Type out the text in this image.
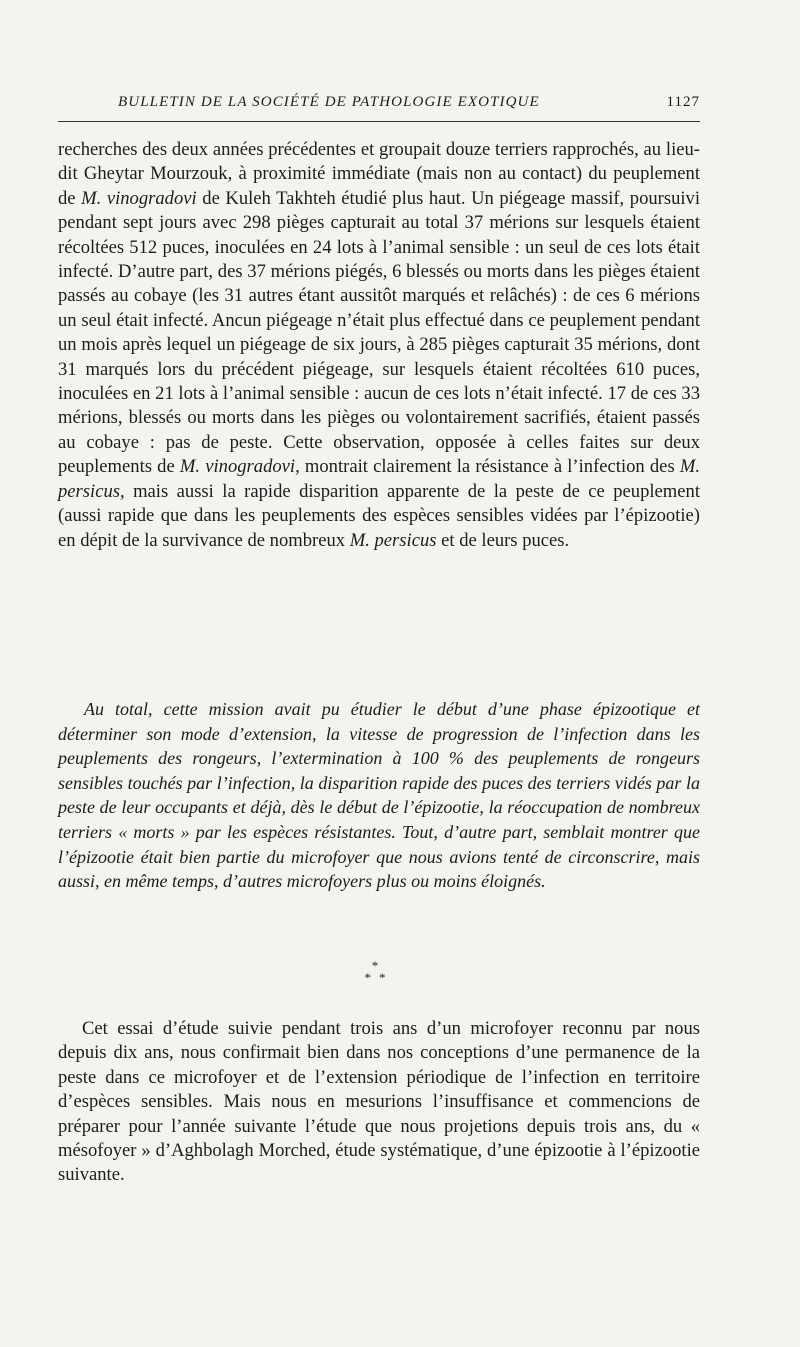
BULLETIN DE LA SOCIÉTÉ DE PATHOLOGIE EXOTIQUE	1127

recherches des deux années précédentes et groupait douze terriers rapprochés, au lieu-dit Gheytar Mourzouk, à proximité immédiate (mais non au contact) du peuplement de M. vinogradovi de Kuleh Takhteh étudié plus haut. Un piégeage massif, poursuivi pendant sept jours avec 298 pièges capturait au total 37 mérions sur lesquels étaient récoltées 512 puces, inoculées en 24 lots à l’animal sensible : un seul de ces lots était infecté. D’autre part, des 37 mérions piégés, 6 blessés ou morts dans les pièges étaient passés au cobaye (les 31 autres étant aussitôt marqués et relâchés) : de ces 6 mérions un seul était infecté. Ancun piégeage n’était plus effectué dans ce peuplement pendant un mois après lequel un piégeage de six jours, à 285 pièges capturait 35 mérions, dont 31 marqués lors du précédent piégeage, sur lesquels étaient récoltées 610 puces, inoculées en 21 lots à l’animal sensible : aucun de ces lots n’était infecté. 17 de ces 33 mérions, blessés ou morts dans les pièges ou volontairement sacrifiés, étaient passés au cobaye : pas de peste. Cette observation, opposée à celles faites sur deux peuplements de M. vinogradovi, montrait clairement la résistance à l’infection des M. persicus, mais aussi la rapide disparition apparente de la peste de ce peuplement (aussi rapide que dans les peuplements des espèces sensibles vidées par l’épizootie) en dépit de la survivance de nombreux M. persicus et de leurs puces.

Au total, cette mission avait pu étudier le début d’une phase épizootique et déterminer son mode d’extension, la vitesse de progression de l’infection dans les peuplements des rongeurs, l’extermination à 100 % des peuplements de rongeurs sensibles touchés par l’infection, la disparition rapide des puces des terriers vidés par la peste de leur occupants et déjà, dès le début de l’épizootie, la réoccupation de nombreux terriers « morts » par les espèces résistantes. Tout, d’autre part, semblait montrer que l’épizootie était bien partie du microfoyer que nous avions tenté de circonscrire, mais aussi, en même temps, d’autres microfoyers plus ou moins éloignés.

*
* *

Cet essai d’étude suivie pendant trois ans d’un microfoyer reconnu par nous depuis dix ans, nous confirmait bien dans nos conceptions d’une permanence de la peste dans ce microfoyer et de l’extension périodique de l’infection en territoire d’espèces sensibles. Mais nous en mesurions l’insuffisance et commencions de préparer pour l’année suivante l’étude que nous projetions depuis trois ans, du « mésofoyer » d’Aghbolagh Morched, étude systématique, d’une épizootie à l’épizootie suivante.
